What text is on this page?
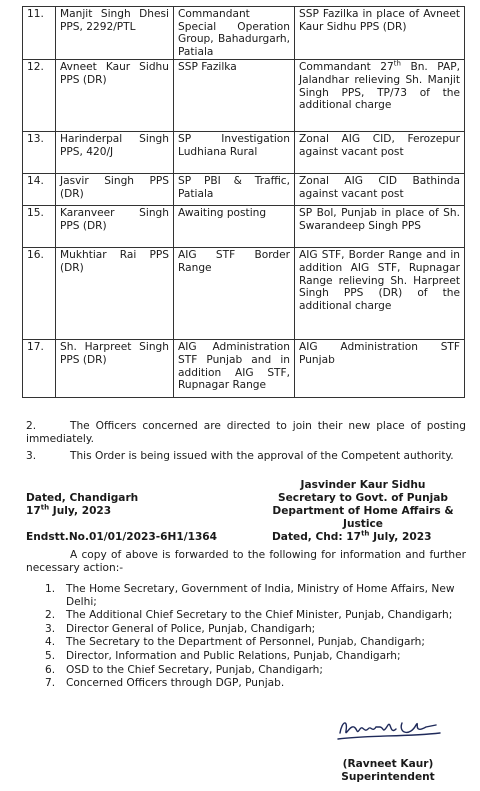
11.	Manjit Singh Dhesi PPS, 2292/PTL	Commandant Special Operation Group, Bahadurgarh, Patiala	SSP Fazilka in place of Avneet Kaur Sidhu PPS (DR)
12.	Avneet Kaur Sidhu PPS (DR)	SSP Fazilka	Commandant 27th Bn. PAP, Jalandhar relieving Sh. Manjit Singh PPS, TP/73 of the additional charge
13.	Harinderpal Singh PPS, 420/J	SP Investigation Ludhiana Rural	Zonal AIG CID, Ferozepur against vacant post
14.	Jasvir Singh PPS (DR)	SP PBI & Traffic, Patiala	Zonal AIG CID Bathinda against vacant post
15.	Karanveer Singh PPS (DR)	Awaiting posting	SP Bol, Punjab in place of Sh. Swarandeep Singh PPS
16.	Mukhtiar Rai PPS (DR)	AIG STF Border Range	AIG STF, Border Range and in addition AIG STF, Rupnagar Range relieving Sh. Harpreet Singh PPS (DR) of the additional charge
17.	Sh. Harpreet Singh PPS (DR)	AIG Administration STF Punjab and in addition AIG STF, Rupnagar Range	AIG Administration STF Punjab
2.	The Officers concerned are directed to join their new place of posting immediately.
3.	This Order is being issued with the approval of the Competent authority.
Dated, Chandigarh
17th July, 2023
Jasvinder Kaur Sidhu
Secretary to Govt. of Punjab
Department of Home Affairs & Justice
Endstt.No.01/01/2023-6H1/1364	Dated, Chd: 17th July, 2023
A copy of above is forwarded to the following for information and further necessary action:-
1. The Home Secretary, Government of India, Ministry of Home Affairs, New Delhi;
2. The Additional Chief Secretary to the Chief Minister, Punjab, Chandigarh;
3. Director General of Police, Punjab, Chandigarh;
4. The Secretary to the Department of Personnel, Punjab, Chandigarh;
5. Director, Information and Public Relations, Punjab, Chandigarh;
6. OSD to the Chief Secretary, Punjab, Chandigarh;
7. Concerned Officers through DGP, Punjab.
(Ravneet Kaur)
Superintendent
